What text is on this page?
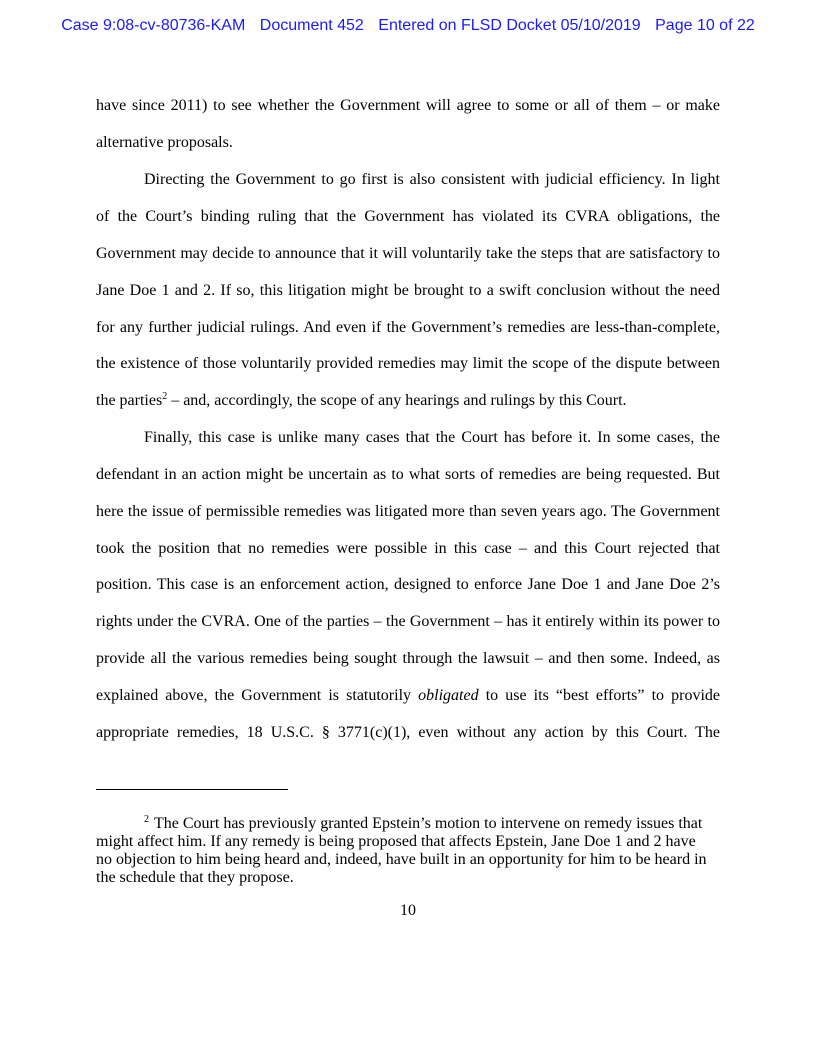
Case 9:08-cv-80736-KAM Document 452 Entered on FLSD Docket 05/10/2019 Page 10 of 22
have since 2011) to see whether the Government will agree to some or all of them – or make
alternative proposals.
Directing the Government to go first is also consistent with judicial efficiency. In light
of the Court’s binding ruling that the Government has violated its CVRA obligations, the
Government may decide to announce that it will voluntarily take the steps that are satisfactory to
Jane Doe 1 and 2. If so, this litigation might be brought to a swift conclusion without the need
for any further judicial rulings. And even if the Government’s remedies are less-than-complete,
the existence of those voluntarily provided remedies may limit the scope of the dispute between
the parties$^2$ – and, accordingly, the scope of any hearings and rulings by this Court.
Finally, this case is unlike many cases that the Court has before it. In some cases, the
defendant in an action might be uncertain as to what sorts of remedies are being requested. But
here the issue of permissible remedies was litigated more than seven years ago. The Government
took the position that no remedies were possible in this case – and this Court rejected that
position. This case is an enforcement action, designed to enforce Jane Doe 1 and Jane Doe 2’s
rights under the CVRA. One of the parties – the Government – has it entirely within its power to
provide all the various remedies being sought through the lawsuit – and then some. Indeed, as
explained above, the Government is statutorily obligated to use its “best efforts” to provide
appropriate remedies, 18 U.S.C. § 3771(c)(1), even without any action by this Court. The
$^2$ The Court has previously granted Epstein’s motion to intervene on remedy issues that
might affect him. If any remedy is being proposed that affects Epstein, Jane Doe 1 and 2 have
no objection to him being heard and, indeed, have built in an opportunity for him to be heard in
the schedule that they propose.
10
